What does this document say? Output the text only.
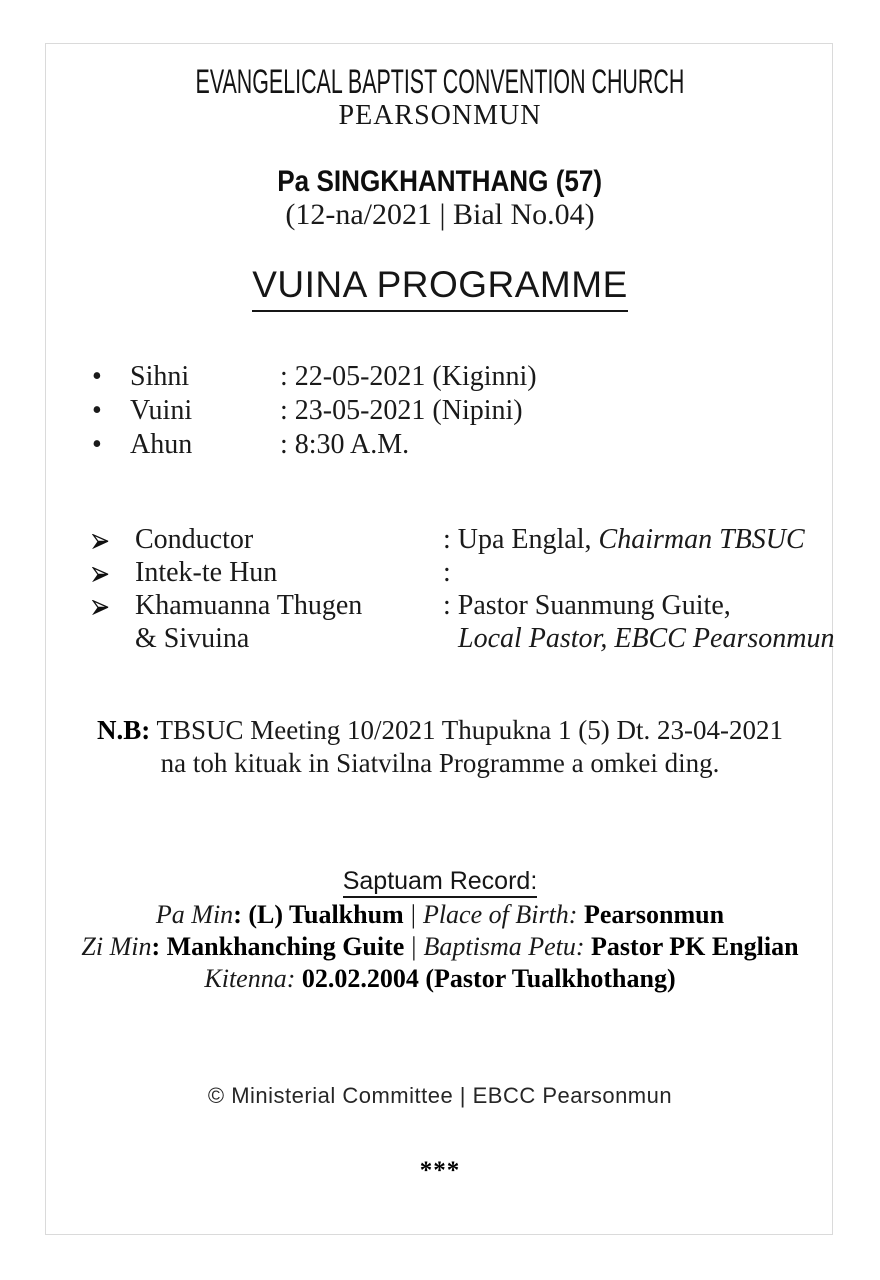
EVANGELICAL BAPTIST CONVENTION CHURCH
PEARSONMUN
Pa SINGKHANTHANG (57)
(12-na/2021 | Bial No.04)
VUINA PROGRAMME
• Sihni	: 22-05-2021 (Kiginni)
• Vuini	: 23-05-2021 (Nipini)
• Ahun	: 8:30 A.M.
Conductor	: Upa Englal, Chairman TBSUC
Intek-te Hun	:
Khamuanna Thugen	: Pastor Suanmung Guite,
& Sivuina	Local Pastor, EBCC Pearsonmun
N.B: TBSUC Meeting 10/2021 Thupukna 1 (5) Dt. 23-04-2021
na toh kituak in Siatvilna Programme a omkei ding.
Saptuam Record:
Pa Min: (L) Tualkhum | Place of Birth: Pearsonmun
Zi Min: Mankhanching Guite | Baptisma Petu: Pastor PK Englian
Kitenna: 02.02.2004 (Pastor Tualkhothang)
© Ministerial Committee | EBCC Pearsonmun
***
